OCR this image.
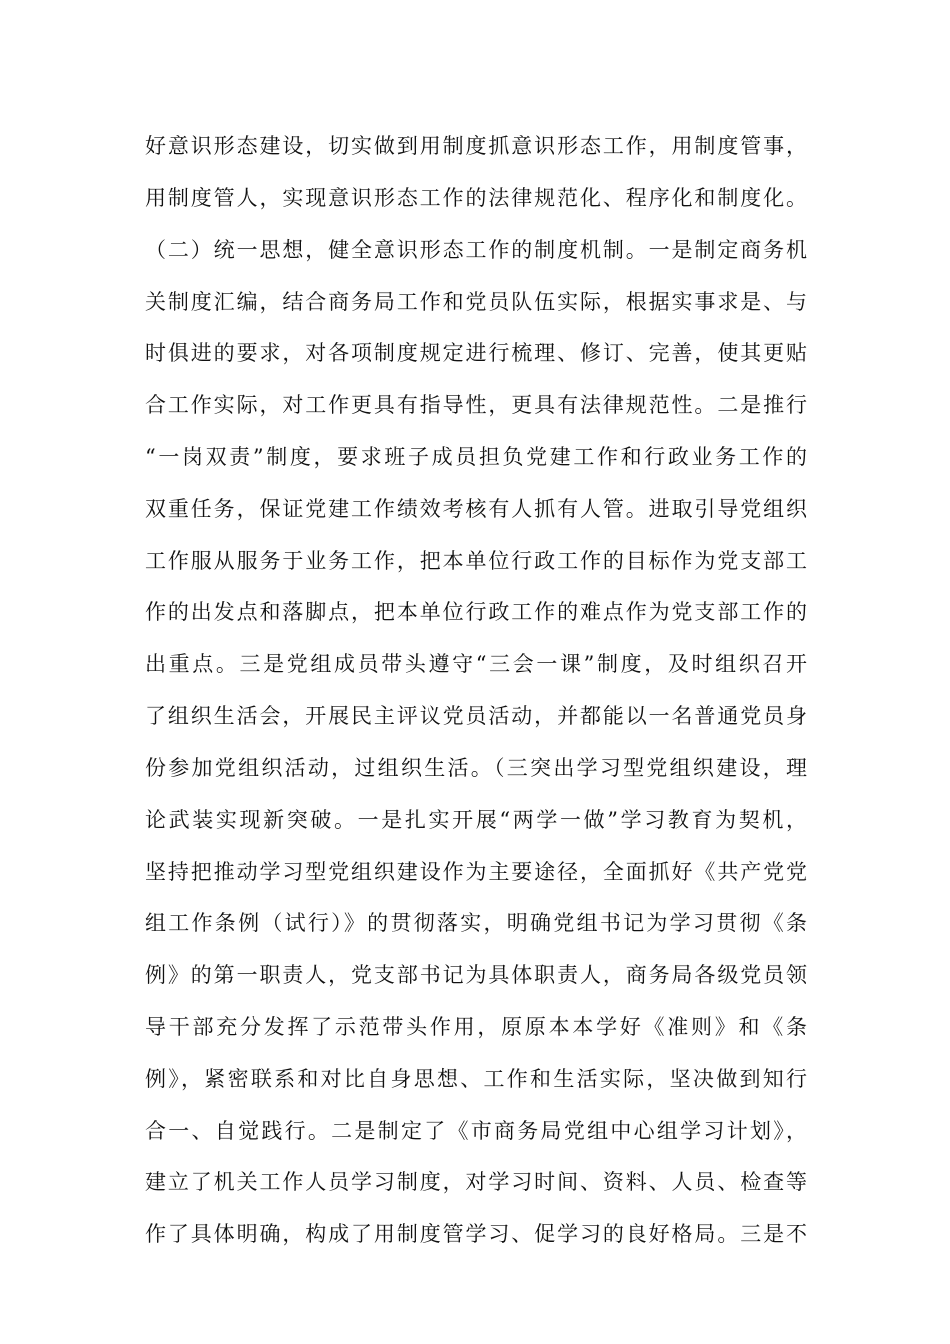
好意识形态建设，切实做到用制度抓意识形态工作，用制度管事，
用制度管人，实现意识形态工作的法律规范化、程序化和制度化。
（二）统一思想，健全意识形态工作的制度机制。一是制定商务机
关制度汇编，结合商务局工作和党员队伍实际，根据实事求是、与
时俱进的要求，对各项制度规定进行梳理、修订、完善，使其更贴
合工作实际，对工作更具有指导性，更具有法律规范性。二是推行
“一岗双责”制度，要求班子成员担负党建工作和行政业务工作的
双重任务，保证党建工作绩效考核有人抓有人管。进取引导党组织
工作服从服务于业务工作，把本单位行政工作的目标作为党支部工
作的出发点和落脚点，把本单位行政工作的难点作为党支部工作的
出重点。三是党组成员带头遵守“三会一课”制度，及时组织召开
了组织生活会，开展民主评议党员活动，并都能以一名普通党员身
份参加党组织活动，过组织生活。（三突出学习型党组织建设，理
论武装实现新突破。一是扎实开展“两学一做”学习教育为契机，
坚持把推动学习型党组织建设作为主要途径，全面抓好《共产党党
组工作条例（试行）》的贯彻落实，明确党组书记为学习贯彻《条
例》的第一职责人，党支部书记为具体职责人，商务局各级党员领
导干部充分发挥了示范带头作用，原原本本学好《准则》和《条
例》，紧密联系和对比自身思想、工作和生活实际，坚决做到知行
合一、自觉践行。二是制定了《市商务局党组中心组学习计划》，
建立了机关工作人员学习制度，对学习时间、资料、人员、检查等
作了具体明确，构成了用制度管学习、促学习的良好格局。三是不
